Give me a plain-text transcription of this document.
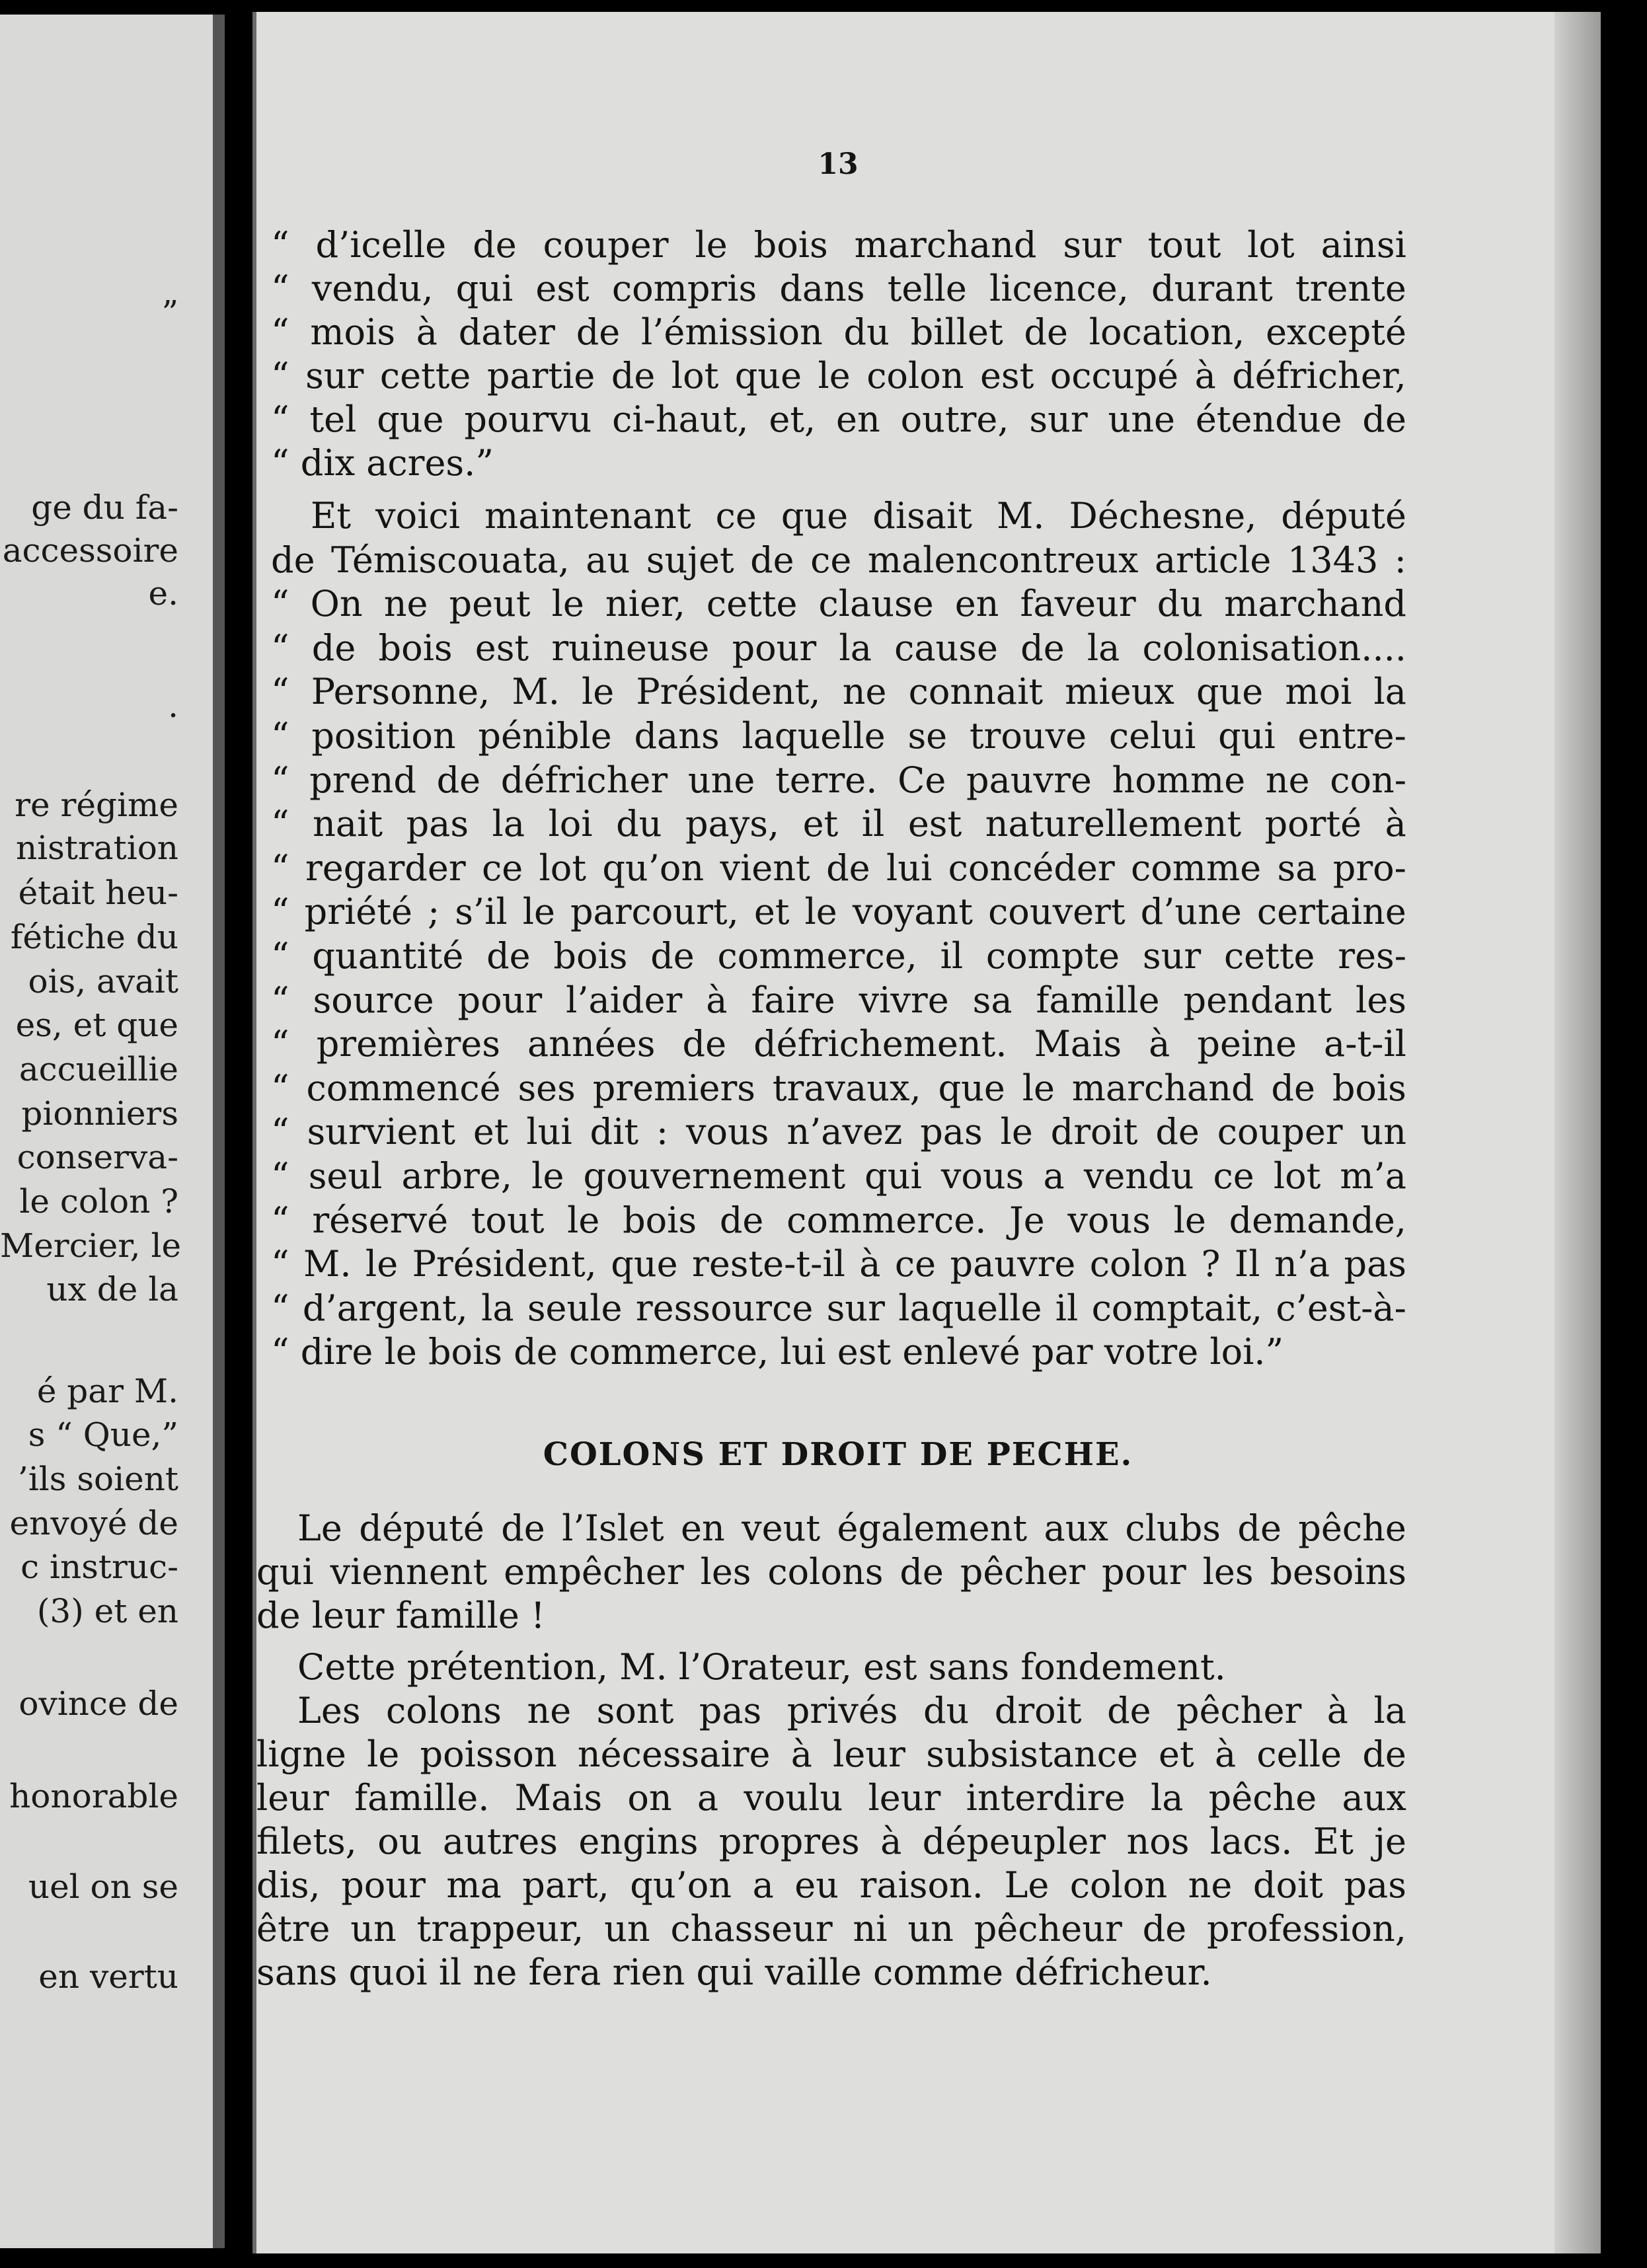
”
ge du fa-
accessoire
e.
.
re régime
nistration
était heu-
fétiche du
ois, avait
es, et que
accueillie
pionniers
conserva-
le colon ?
Mercier, le
ux de la
é par M.
s “ Que,”
’ils soient
envoyé de
c instruc-
(3) et en
ovince de
honorable
uel on se
en vertu
13
“ d’icelle de couper le bois marchand sur tout lot ainsi
“ vendu, qui est compris dans telle licence, durant trente
“ mois à dater de l’émission du billet de location, excepté
“ sur cette partie de lot que le colon est occupé à défricher,
“ tel que pourvu ci-haut, et, en outre, sur une étendue de
“ dix acres.”
Et voici maintenant ce que disait M. Déchesne, député
de Témiscouata, au sujet de ce malencontreux article 1343 :
“ On ne peut le nier, cette clause en faveur du marchand
“ de bois est ruineuse pour la cause de la colonisation....
“ Personne, M. le Président, ne connait mieux que moi la
“ position pénible dans laquelle se trouve celui qui entre-
“ prend de défricher une terre. Ce pauvre homme ne con-
“ nait pas la loi du pays, et il est naturellement porté à
“ regarder ce lot qu’on vient de lui concéder comme sa pro-
“ priété ; s’il le parcourt, et le voyant couvert d’une certaine
“ quantité de bois de commerce, il compte sur cette res-
“ source pour l’aider à faire vivre sa famille pendant les
“ premières années de défrichement. Mais à peine a-t-il
“ commencé ses premiers travaux, que le marchand de bois
“ survient et lui dit : vous n’avez pas le droit de couper un
“ seul arbre, le gouvernement qui vous a vendu ce lot m’a
“ réservé tout le bois de commerce. Je vous le demande,
“ M. le Président, que reste-t-il à ce pauvre colon ? Il n’a pas
“ d’argent, la seule ressource sur laquelle il comptait, c’est-à-
“ dire le bois de commerce, lui est enlevé par votre loi.”
Le député de l’Islet en veut également aux clubs de pêche
qui viennent empêcher les colons de pêcher pour les besoins
de leur famille !
Cette prétention, M. l’Orateur, est sans fondement.
Les colons ne sont pas privés du droit de pêcher à la
ligne le poisson nécessaire à leur subsistance et à celle de
leur famille. Mais on a voulu leur interdire la pêche aux
filets, ou autres engins propres à dépeupler nos lacs. Et je
dis, pour ma part, qu’on a eu raison. Le colon ne doit pas
être un trappeur, un chasseur ni un pêcheur de profession,
sans quoi il ne fera rien qui vaille comme défricheur.
COLONS ET DROIT DE PECHE.
